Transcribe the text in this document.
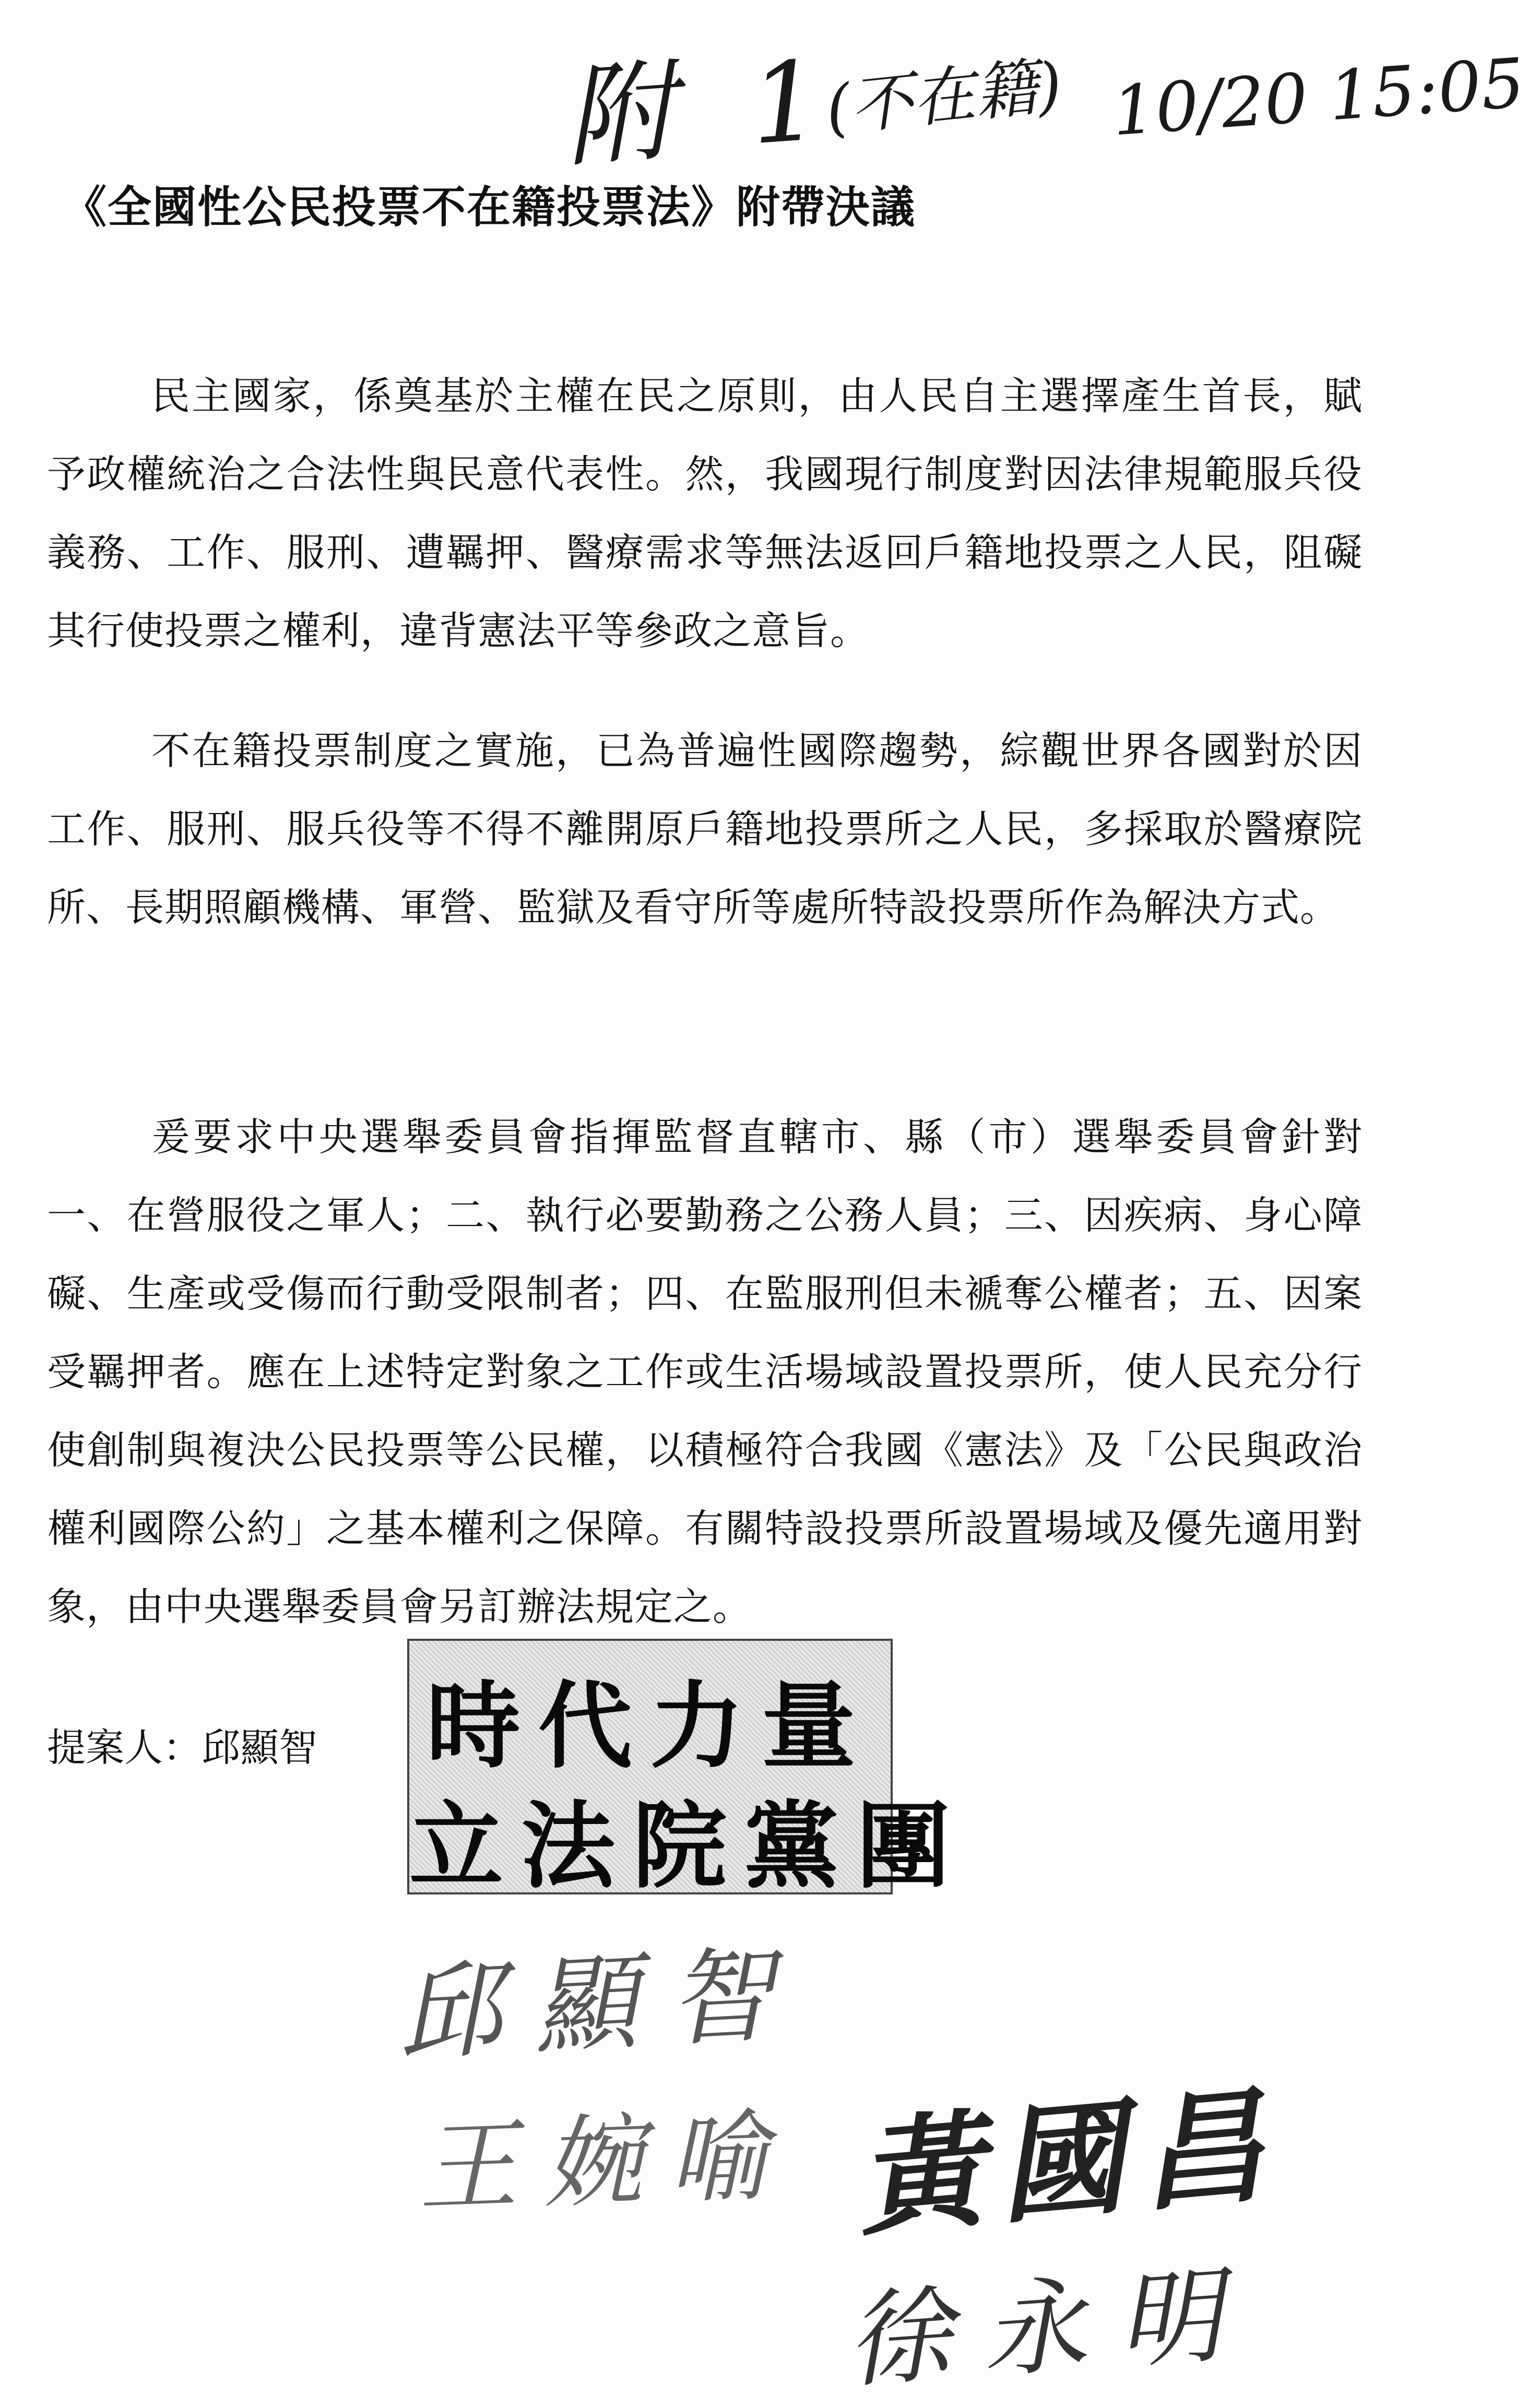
附 1
(不在籍) 10/20 15:05
《全國性公民投票不在籍投票法》附帶決議

民主國家，係奠基於主權在民之原則，由人民自主選擇產生首長，賦予政權統治之合法性與民意代表性。然，我國現行制度對因法律規範服兵役義務、工作、服刑、遭羈押、醫療需求等無法返回戶籍地投票之人民，阻礙其行使投票之權利，違背憲法平等參政之意旨。

不在籍投票制度之實施，已為普遍性國際趨勢，綜觀世界各國對於因工作、服刑、服兵役等不得不離開原戶籍地投票所之人民，多採取於醫療院所、長期照顧機構、軍營、監獄及看守所等處所特設投票所作為解決方式。

爰要求中央選舉委員會指揮監督直轄市、縣（市）選舉委員會針對一、在營服役之軍人；二、執行必要勤務之公務人員；三、因疾病、身心障礙、生產或受傷而行動受限制者；四、在監服刑但未褫奪公權者；五、因案受羈押者。應在上述特定對象之工作或生活場域設置投票所，使人民充分行使創制與複決公民投票等公民權，以積極符合我國《憲法》及「公民與政治權利國際公約」之基本權利之保障。有關特設投票所設置場域及優先適用對象，由中央選舉委員會另訂辦法規定之。

提案人：邱顯智 時代力量
立法院黨團
邱顯智
王婉喻 黃國昌
徐永明
